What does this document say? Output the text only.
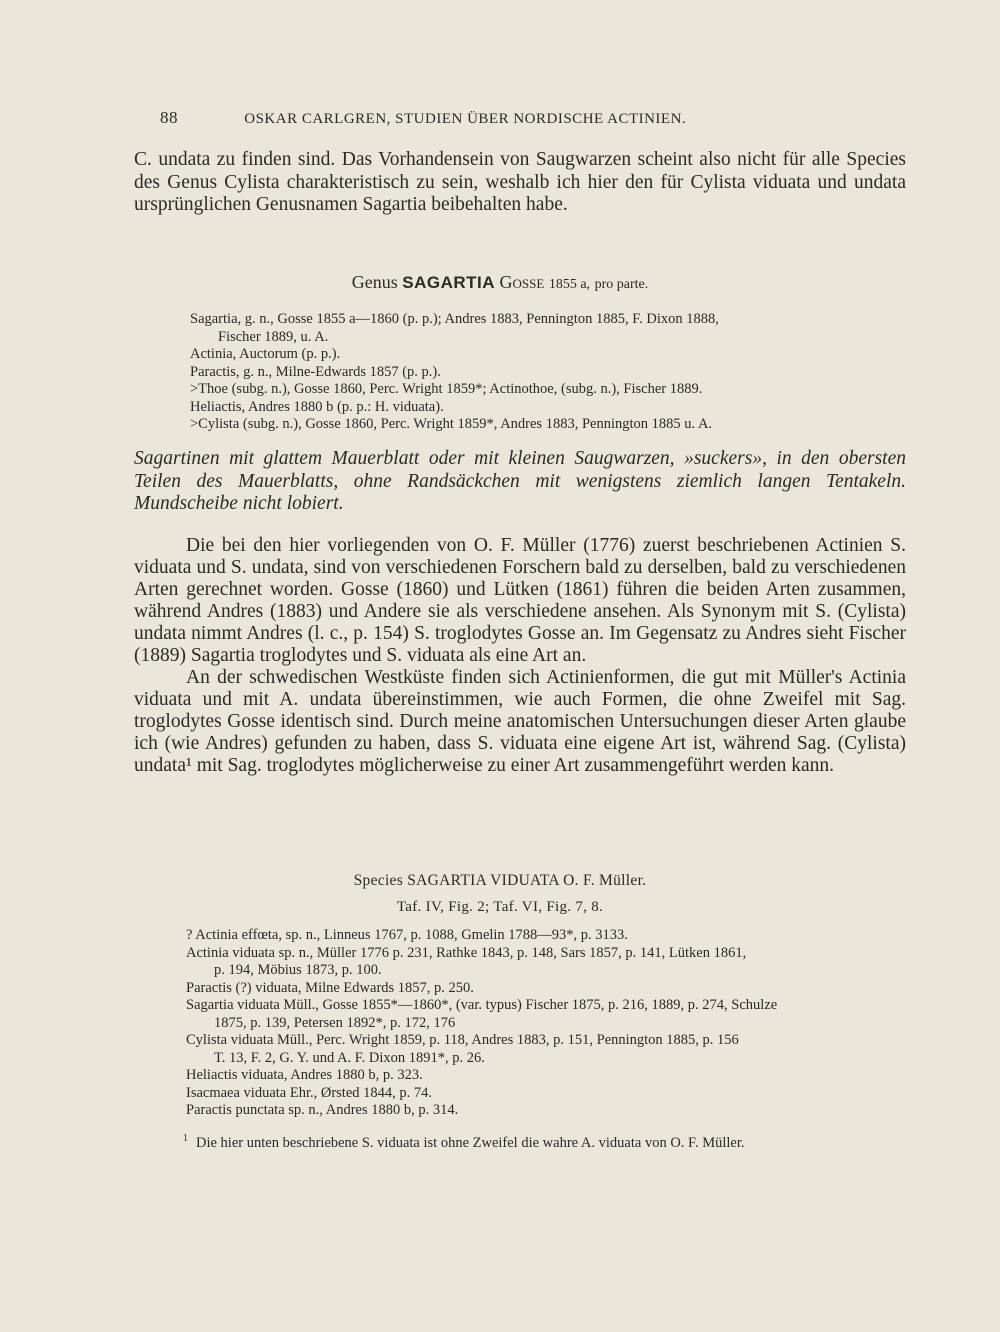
88	OSKAR CARLGREN, STUDIEN ÜBER NORDISCHE ACTINIEN.

C. undata zu finden sind. Das Vorhandensein von Saugwarzen scheint also nicht für alle Species des Genus Cylista charakteristisch zu sein, weshalb ich hier den für Cylista viduata und undata ursprünglichen Genusnamen Sagartia beibehalten habe.

Genus SAGARTIA Gosse 1855 a, pro parte.
Sagartia, g. n., Gosse 1855 a—1860 (p. p.); Andres 1883, Pennington 1885, F. Dixon 1888,
Fischer 1889, u. A.
Actinia, Auctorum (p. p.).
Paractis, g. n., Milne-Edwards 1857 (p. p.).
>Thoe (subg. n.), Gosse 1860, Perc. Wright 1859*; Actinothoe, (subg. n.), Fischer 1889.
Heliactis, Andres 1880 b (p. p.: H. viduata).
>Cylista (subg. n.), Gosse 1860, Perc. Wright 1859*, Andres 1883, Pennington 1885 u. A.
Sagartinen mit glattem Mauerblatt oder mit kleinen Saugwarzen, »suckers», in den obersten Teilen des Mauerblatts, ohne Randsäckchen mit wenigstens ziemlich langen Tentakeln. Mundscheibe nicht lobiert.

Die bei den hier vorliegenden von O. F. Müller (1776) zuerst beschriebenen Actinien S. viduata und S. undata, sind von verschiedenen Forschern bald zu derselben, bald zu verschiedenen Arten gerechnet worden. Gosse (1860) und Lütken (1861) führen die beiden Arten zusammen, während Andres (1883) und Andere sie als verschiedene ansehen. Als Synonym mit S. (Cylista) undata nimmt Andres (l. c., p. 154) S. troglodytes Gosse an. Im Gegensatz zu Andres sieht Fischer (1889) Sagartia troglodytes und S. viduata als eine Art an.

An der schwedischen Westküste finden sich Actinienformen, die gut mit Müller's Actinia viduata und mit A. undata übereinstimmen, wie auch Formen, die ohne Zweifel mit Sag. troglodytes Gosse identisch sind. Durch meine anatomischen Untersuchungen dieser Arten glaube ich (wie Andres) gefunden zu haben, dass S. viduata eine eigene Art ist, während Sag. (Cylista) undata¹ mit Sag. troglodytes möglicherweise zu einer Art zusammengeführt werden kann.

Species SAGARTIA VIDUATA O. F. Müller.
Taf. IV, Fig. 2; Taf. VI, Fig. 7, 8.
? Actinia effœta, sp. n., Linneus 1767, p. 1088, Gmelin 1788—93*, p. 3133.
Actinia viduata sp. n., Müller 1776 p. 231, Rathke 1843, p. 148, Sars 1857, p. 141, Lütken 1861,
p. 194, Möbius 1873, p. 100.
Paractis (?) viduata, Milne Edwards 1857, p. 250.
Sagartia viduata Müll., Gosse 1855*—1860*, (var. typus) Fischer 1875, p. 216, 1889, p. 274, Schulze
1875, p. 139, Petersen 1892*, p. 172, 176
Cylista viduata Müll., Perc. Wright 1859, p. 118, Andres 1883, p. 151, Pennington 1885, p. 156
T. 13, F. 2, G. Y. und A. F. Dixon 1891*, p. 26.
Heliactis viduata, Andres 1880 b, p. 323.
Isacmaea viduata Ehr., Ørsted 1844, p. 74.
Paractis punctata sp. n., Andres 1880 b, p. 314.
$^1$ Die hier unten beschriebene S. viduata ist ohne Zweifel die wahre A. viduata von O. F. Müller.
